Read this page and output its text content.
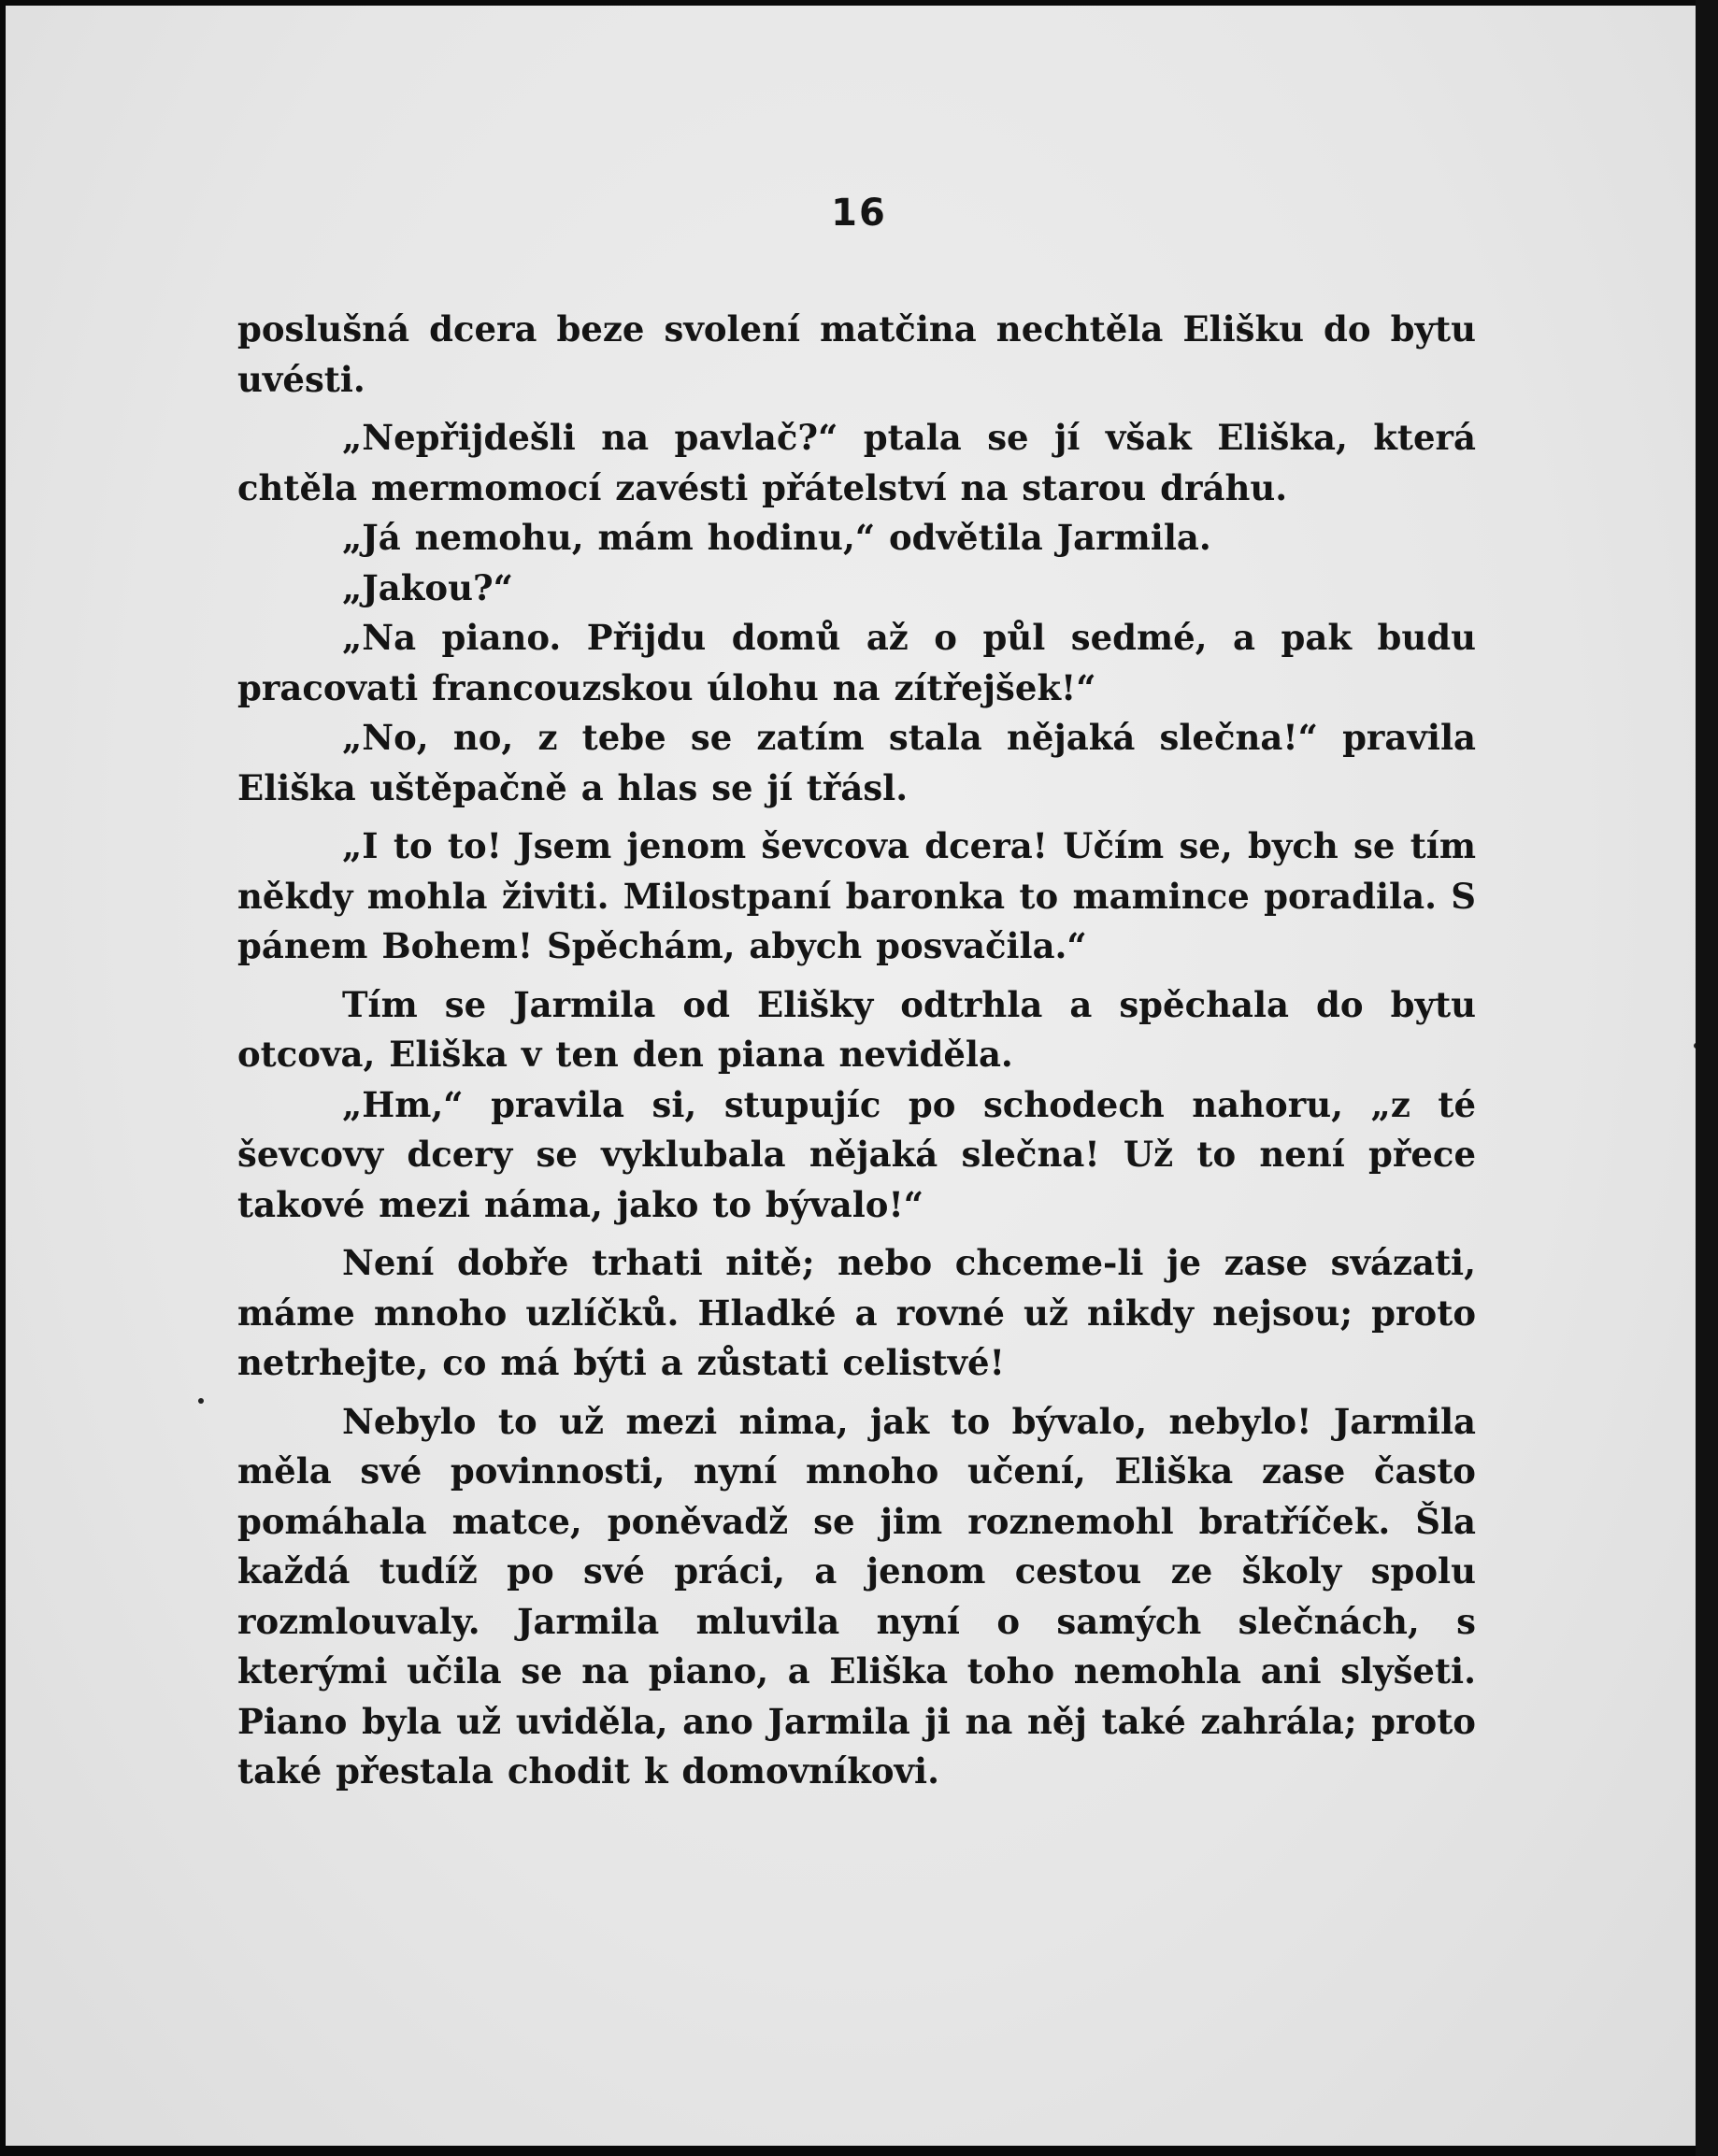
16

poslušná dcera beze svolení matčina nechtěla Elišku do bytu uvésti.

„Nepřijdešli na pavlač?“ ptala se jí však Eliška, která chtěla mermomocí zavésti přátelství na starou dráhu.

„Já nemohu, mám hodinu,“ odvětila Jarmila.

„Jakou?“

„Na piano. Přijdu domů až o půl sedmé, a pak budu pracovati francouzskou úlohu na zítřejšek!“

„No, no, z tebe se zatím stala nějaká slečna!“ pravila Eliška uštěpačně a hlas se jí třásl.

„I to to! Jsem jenom ševcova dcera! Učím se, bych se tím někdy mohla živiti. Milostpaní baronka to mamince poradila. S pánem Bohem! Spěchám, abych posvačila.“

Tím se Jarmila od Elišky odtrhla a spěchala do bytu otcova, Eliška v ten den piana neviděla.

„Hm,“ pravila si, stupujíc po schodech nahoru, „z té ševcovy dcery se vyklubala nějaká slečna! Už to není přece takové mezi náma, jako to bývalo!“

Není dobře trhati nitě; nebo chceme-li je zase svázati, máme mnoho uzlíčků. Hladké a rovné už nikdy nejsou; proto netrhejte, co má býti a zůstati celistvé!

Nebylo to už mezi nima, jak to bývalo, nebylo! Jarmila měla své povinnosti, nyní mnoho učení, Eliška zase často pomáhala matce, poněvadž se jim roznemohl bratříček. Šla každá tudíž po své práci, a jenom cestou ze školy spolu rozmlouvaly. Jarmila mluvila nyní o samých slečnách, s kterými učila se na piano, a Eliška toho nemohla ani slyšeti. Piano byla už uviděla, ano Jarmila ji na něj také zahrála; proto také přestala chodit k domovníkovi.
